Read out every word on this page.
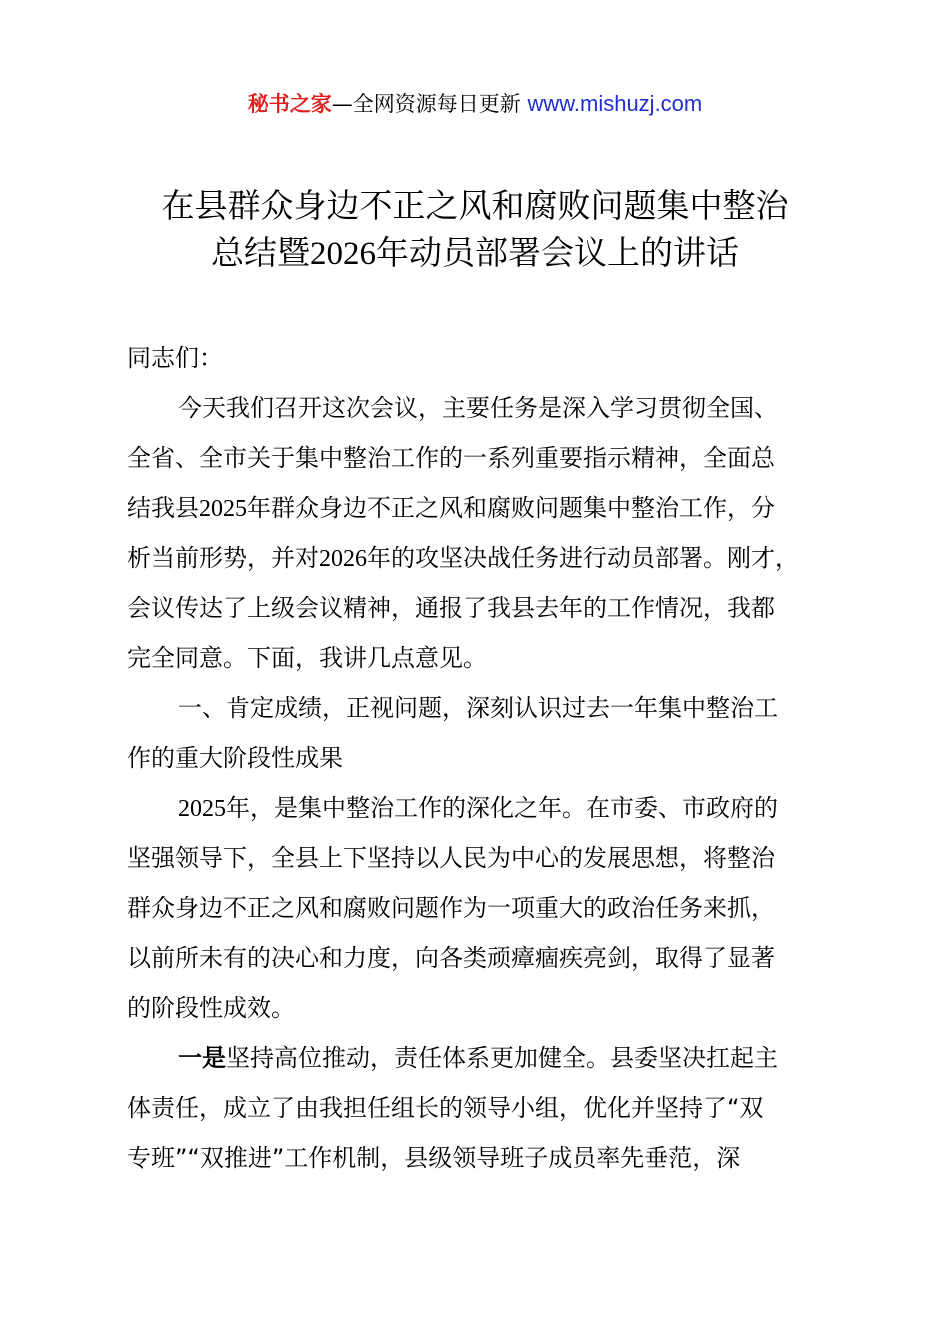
秘书之家—全网资源每日更新 www.mishuzj.com
在县群众身边不正之风和腐败问题集中整治
总结暨2026年动员部署会议上的讲话

同志们：

今天我们召开这次会议，主要任务是深入学习贯彻全国、
全省、全市关于集中整治工作的一系列重要指示精神，全面总
结我县2025年群众身边不正之风和腐败问题集中整治工作，分
析当前形势，并对2026年的攻坚决战任务进行动员部署。刚才，
会议传达了上级会议精神，通报了我县去年的工作情况，我都
完全同意。下面，我讲几点意见。

一、肯定成绩，正视问题，深刻认识过去一年集中整治工
作的重大阶段性成果

2025年，是集中整治工作的深化之年。在市委、市政府的
坚强领导下，全县上下坚持以人民为中心的发展思想，将整治
群众身边不正之风和腐败问题作为一项重大的政治任务来抓，
以前所未有的决心和力度，向各类顽瘴痼疾亮剑，取得了显著
的阶段性成效。

一是坚持高位推动，责任体系更加健全。县委坚决扛起主
体责任，成立了由我担任组长的领导小组，优化并坚持了“双
专班”“双推进”工作机制，县级领导班子成员率先垂范，深
